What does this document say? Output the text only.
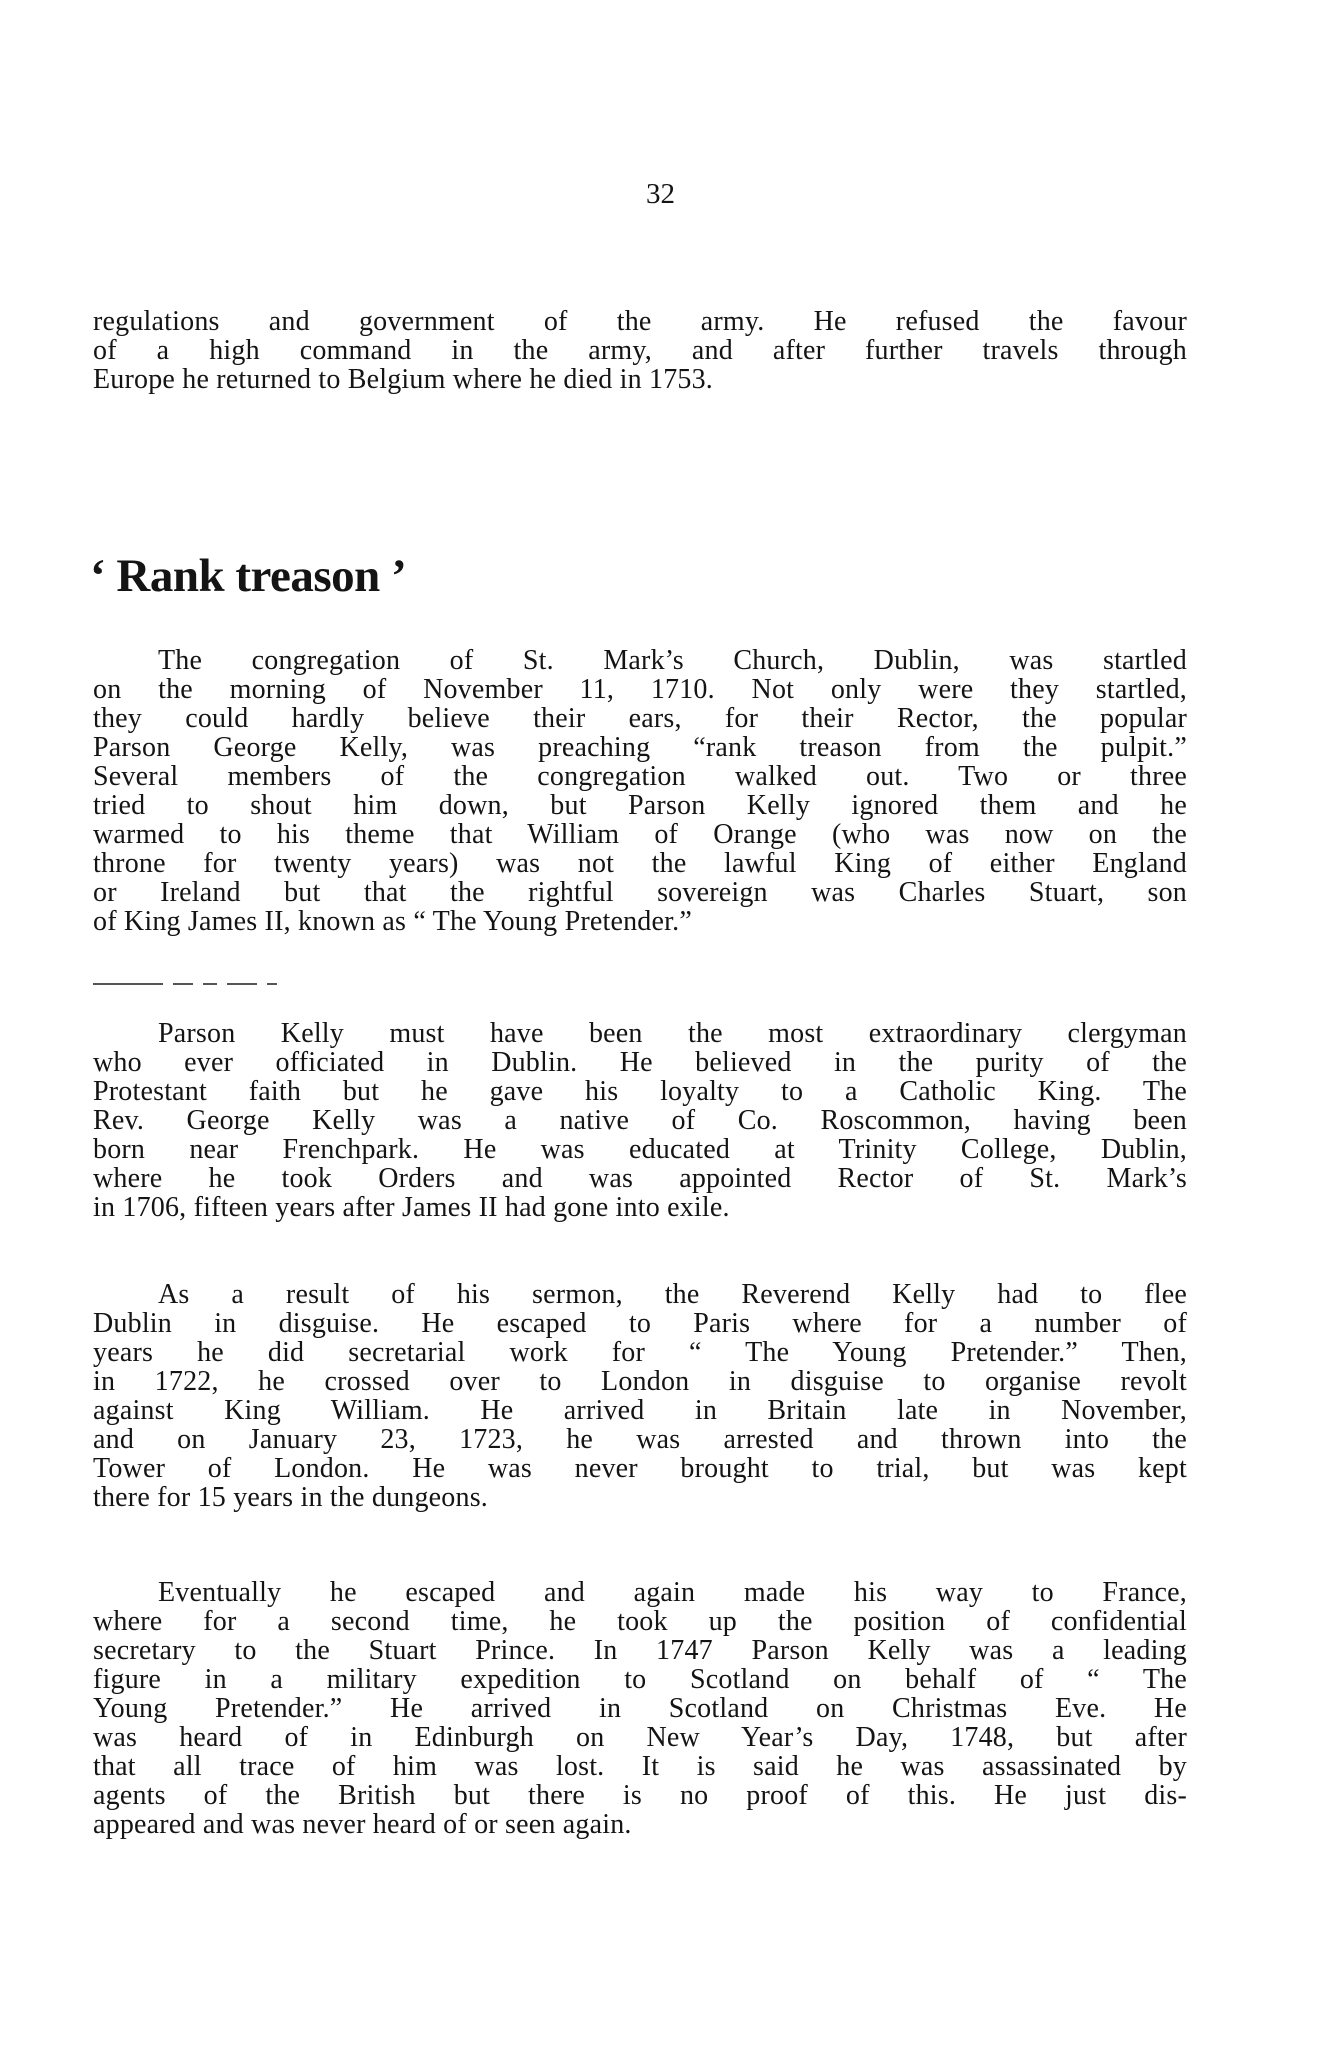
32
regulations and government of the army. He refused the favour
of a high command in the army, and after further travels through
Europe he returned to Belgium where he died in 1753.
‘ Rank treason ’
The congregation of St. Mark’s Church, Dublin, was startled
on the morning of November 11, 1710. Not only were they startled,
they could hardly believe their ears, for their Rector, the popular
Parson George Kelly, was preaching “rank treason from the pulpit.”
Several members of the congregation walked out. Two or three
tried to shout him down, but Parson Kelly ignored them and he
warmed to his theme that William of Orange (who was now on the
throne for twenty years) was not the lawful King of either England
or Ireland but that the rightful sovereign was Charles Stuart, son
of King James II, known as “ The Young Pretender.”
Parson Kelly must have been the most extraordinary clergyman
who ever officiated in Dublin. He believed in the purity of the
Protestant faith but he gave his loyalty to a Catholic King. The
Rev. George Kelly was a native of Co. Roscommon, having been
born near Frenchpark. He was educated at Trinity College, Dublin,
where he took Orders and was appointed Rector of St. Mark’s
in 1706, fifteen years after James II had gone into exile.
As a result of his sermon, the Reverend Kelly had to flee
Dublin in disguise. He escaped to Paris where for a number of
years he did secretarial work for “ The Young Pretender.” Then,
in 1722, he crossed over to London in disguise to organise revolt
against King William. He arrived in Britain late in November,
and on January 23, 1723, he was arrested and thrown into the
Tower of London. He was never brought to trial, but was kept
there for 15 years in the dungeons.
Eventually he escaped and again made his way to France,
where for a second time, he took up the position of confidential
secretary to the Stuart Prince. In 1747 Parson Kelly was a leading
figure in a military expedition to Scotland on behalf of “ The
Young Pretender.” He arrived in Scotland on Christmas Eve. He
was heard of in Edinburgh on New Year’s Day, 1748, but after
that all trace of him was lost. It is said he was assassinated by
agents of the British but there is no proof of this. He just dis-
appeared and was never heard of or seen again.
